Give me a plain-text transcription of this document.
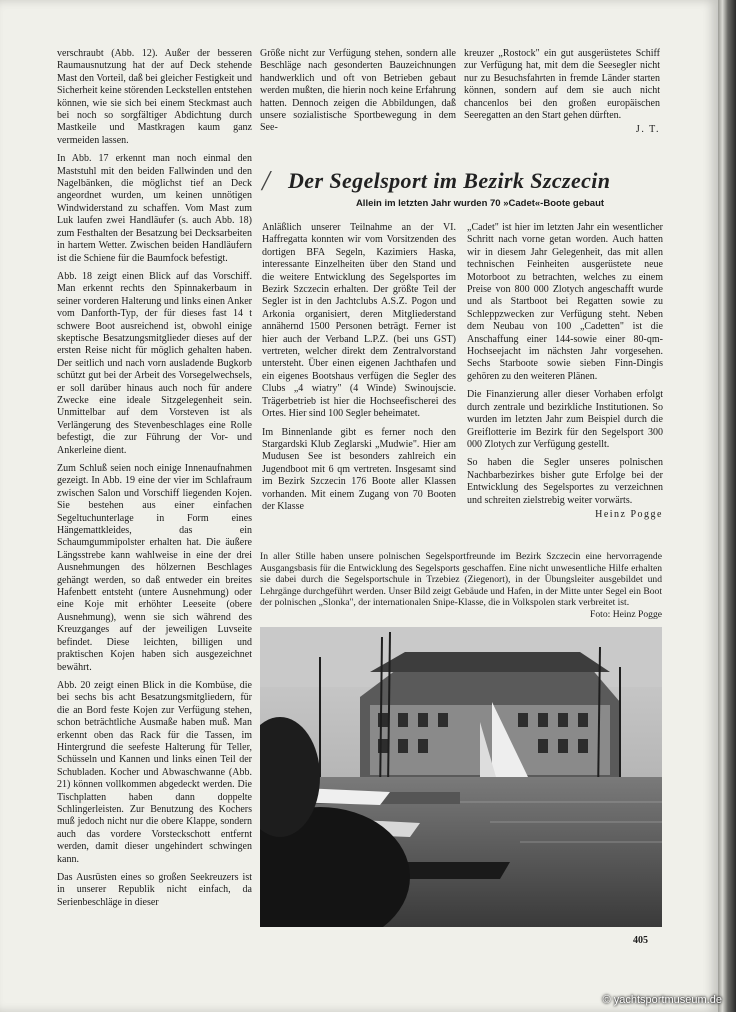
verschraubt (Abb. 12). Außer der besseren Raumausnutzung hat der auf Deck stehende Mast den Vorteil, daß bei gleicher Festigkeit und Sicherheit keine störenden Leckstellen entstehen können, wie sie sich bei einem Steckmast auch bei noch so sorgfältiger Abdichtung durch Mastkeile und Mastkragen kaum ganz vermeiden lassen.

In Abb. 17 erkennt man noch einmal den Maststuhl mit den beiden Fallwinden und den Nagelbänken, die möglichst tief an Deck angeordnet wurden, um keinen unnötigen Windwiderstand zu schaffen. Vom Mast zum Luk laufen zwei Handläufer (s. auch Abb. 18) zum Festhalten der Besatzung bei Decksarbeiten in hartem Wetter. Zwischen beiden Handläufern ist die Schiene für die Baumfock befestigt.

Abb. 18 zeigt einen Blick auf das Vorschiff. Man erkennt rechts den Spinnakerbaum in seiner vorderen Halterung und links einen Anker vom Danforth-Typ, der für dieses fast 14 t schwere Boot ausreichend ist, obwohl einige skeptische Besatzungsmitglieder dieses auf der ersten Reise nicht für möglich gehalten haben. Der seitlich und nach vorn ausladende Bugkorb schützt gut bei der Arbeit des Vorsegelwechsels, er soll darüber hinaus auch noch für andere Zwecke eine ideale Sitzgelegenheit sein. Unmittelbar auf dem Vorsteven ist als Verlängerung des Stevenbeschlages eine Rolle befestigt, die zur Führung der Vor- und Ankerleine dient.

Zum Schluß seien noch einige Innenaufnahmen gezeigt. In Abb. 19 eine der vier im Schlafraum zwischen Salon und Vorschiff liegenden Kojen. Sie bestehen aus einer einfachen Segeltuchunterlage in Form eines Hängemattkleides, das ein Schaumgummipolster erhalten hat. Die äußere Längsstrebe kann wahlweise in eine der drei Ausnehmungen des hölzernen Beschlages gehängt werden, so daß entweder ein breites Hafenbett entsteht (untere Ausnehmung) oder eine Koje mit erhöhter Leeseite (obere Ausnehmung), wenn sie sich während des Kreuzganges auf der jeweiligen Luvseite befindet. Diese leichten, billigen und praktischen Kojen haben sich ausgezeichnet bewährt.

Abb. 20 zeigt einen Blick in die Kombüse, die bei sechs bis acht Besatzungsmitgliedern, für die an Bord feste Kojen zur Verfügung stehen, schon beträchtliche Ausmaße haben muß. Man erkennt oben das Rack für die Tassen, im Hintergrund die seefeste Halterung für Teller, Schüsseln und Kannen und links einen Teil der Schubladen. Kocher und Abwaschwanne (Abb. 21) können vollkommen abgedeckt werden. Die Tischplatten haben dann doppelte Schlingerleisten. Zur Benutzung des Kochers muß jedoch nicht nur die obere Klappe, sondern auch das vordere Vorsteckschott entfernt werden, damit dieser ungehindert schwingen kann.

Das Ausrüsten eines so großen Seekreuzers ist in unserer Republik nicht einfach, da Serienbeschläge in dieser

Größe nicht zur Verfügung stehen, sondern alle Beschläge nach gesonderten Bauzeichnungen handwerklich und oft von Betrieben gebaut werden mußten, die hierin noch keine Erfahrung hatten. Dennoch zeigen die Abbildungen, daß unsere sozialistische Sportbewegung in dem See-

kreuzer „Rostock" ein gut ausgerüstetes Schiff zur Verfügung hat, mit dem die Seesegler nicht nur zu Besuchsfahrten in fremde Länder starten können, sondern auf dem sie auch nicht chancenlos bei den großen europäischen Seeregatten an den Start gehen dürften.

J. T.
/ Der Segelsport im Bezirk Szczecin
Allein im letzten Jahr wurden 70 »Cadet«-Boote gebaut

Anläßlich unserer Teilnahme an der VI. Haffregatta konnten wir vom Vorsitzenden des dortigen BFA Segeln, Kazimiers Haska, interessante Einzelheiten über den Stand und die weitere Entwicklung des Segelsportes im Bezirk Szczecin erhalten. Der größte Teil der Segler ist in den Jachtclubs A.S.Z. Pogon und Arkonia organisiert, deren Mitgliederstand annähernd 1500 Personen beträgt. Ferner ist hier auch der Verband L.P.Z. (bei uns GST) vertreten, welcher direkt dem Zentralvorstand untersteht. Über einen eigenen Jachthafen und ein eigenes Bootshaus verfügen die Segler des Clubs „4 wiatry" (4 Winde) Swinoujscie. Trägerbetrieb ist hier die Hochseefischerei des Ortes. Hier sind 100 Segler beheimatet.

Im Binnenlande gibt es ferner noch den Stargardski Klub Zeglarski „Mudwie". Hier am Mudusen See ist besonders zahlreich ein Jugendboot mit 6 qm vertreten. Insgesamt sind im Bezirk Szczecin 176 Boote aller Klassen vorhanden. Mit einem Zugang von 70 Booten der Klasse

„Cadet" ist hier im letzten Jahr ein wesentlicher Schritt nach vorne getan worden. Auch hatten wir in diesem Jahr Gelegenheit, das mit allen technischen Feinheiten ausgerüstete neue Motorboot zu betrachten, welches zu einem Preise von 800 000 Zlotych angeschafft wurde und als Startboot bei Regatten sowie zu Schleppzwecken zur Verfügung steht. Neben dem Neubau von 100 „Cadetten" ist die Anschaffung einer 144-sowie einer 80-qm-Hochseejacht im nächsten Jahr vorgesehen. Sechs Starboote sowie sieben Finn-Dingis gehören zu den weiteren Plänen.

Die Finanzierung aller dieser Vorhaben erfolgt durch zentrale und bezirkliche Institutionen. So wurden im letzten Jahr zum Beispiel durch die Greiflotterie im Bezirk für den Segelsport 300 000 Zlotych zur Verfügung gestellt.

So haben die Segler unseres polnischen Nachbarbezirkes bisher gute Erfolge bei der Entwicklung des Segelsportes zu verzeichnen und schreiten zielstrebig weiter vorwärts.

Heinz Pogge
In aller Stille haben unsere polnischen Segelsportfreunde im Bezirk Szczecin eine hervorragende Ausgangsbasis für die Entwicklung des Segelsports geschaffen. Eine nicht unwesentliche Hilfe erhalten sie dabei durch die Segelsportschule in Trzebiez (Ziegenort), in der Übungsleiter ausgebildet und Lehrgänge durchgeführt werden. Unser Bild zeigt Gebäude und Hafen, in der Mitte unter Segel ein Boot der polnischen „Slonka", der internationalen Snipe-Klasse, die in Volkspolen stark verbreitet ist.
Foto: Heinz Pogge
405
© yachtsportmuseum.de
